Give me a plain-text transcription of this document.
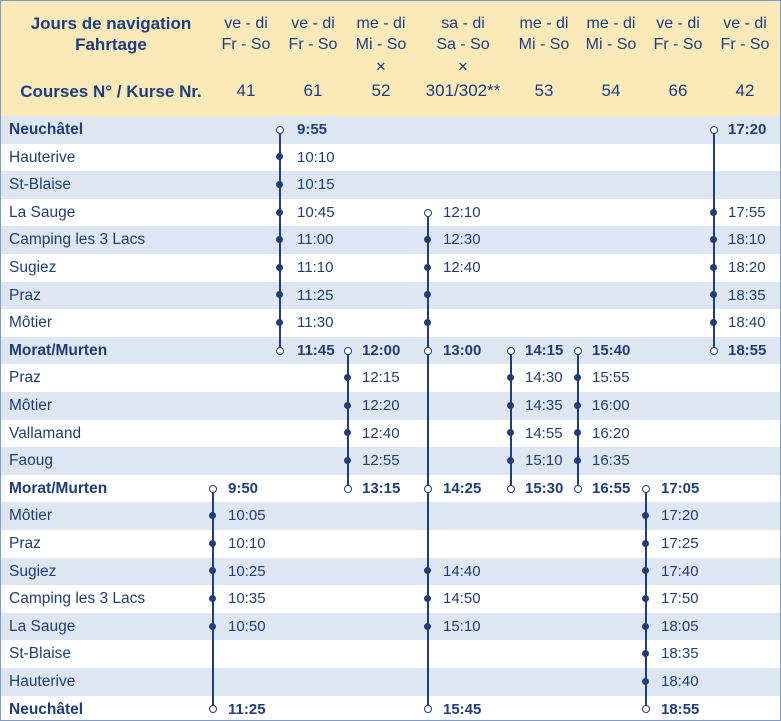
Jours de navigation
Fahrtage
Courses N° / Kurse Nr.
ve - di
Fr - So
41
ve - di
Fr - So
61
me - di
Mi - So
✕
52
sa - di
Sa - So
✕
301/302**
me - di
Mi - So
53
me - di
Mi - So
54
ve - di
Fr - So
66
ve - di
Fr - So
42
Neuchâtel
Hauterive
St-Blaise
La Sauge
Camping les 3 Lacs
Sugiez
Praz
Môtier
Morat/Murten
Praz
Môtier
Vallamand
Faoug
Morat/Murten
Môtier
Praz
Sugiez
Camping les 3 Lacs
La Sauge
St-Blaise
Hauterive
Neuchâtel
9:55
10:10
10:15
10:45
11:00
11:10
11:25
11:30
11:45
17:20
17:55
18:10
18:20
18:35
18:40
18:55
12:10
12:30
12:40
13:00
14:25
14:40
14:50
15:10
15:45
12:00
12:15
12:20
12:40
12:55
13:15
14:15
14:30
14:35
14:55
15:10
15:30
15:40
15:55
16:00
16:20
16:35
16:55
9:50
10:05
10:10
10:25
10:35
10:50
11:25
17:05
17:20
17:25
17:40
17:50
18:05
18:35
18:40
18:55
